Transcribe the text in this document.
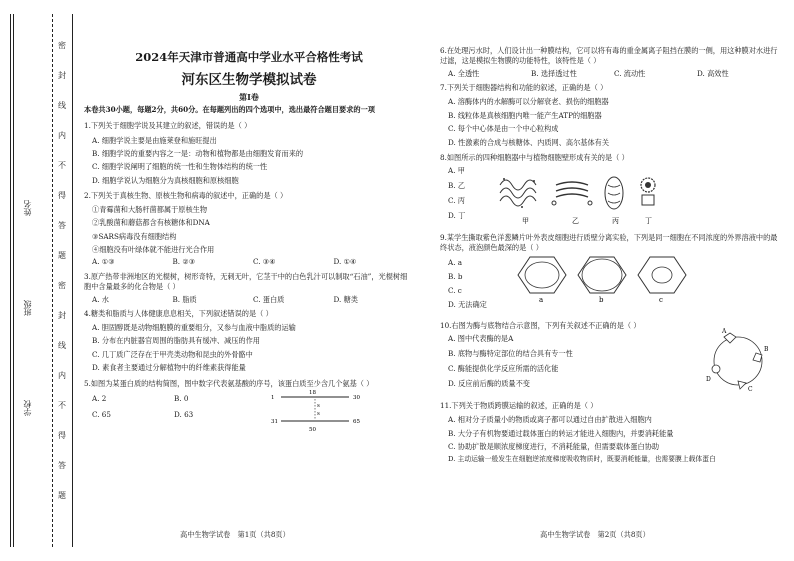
姓名
班级
学校
密
封
线
内
不
得
答
题
密
封
线
内
不
得
答
题
2024年天津市普通高中学业水平合格性考试
河东区生物学模拟试卷
第Ⅰ卷
本卷共30小题，每题2分，共60分。在每题列出的四个选项中，选出最符合题目要求的一项
1.下列关于细胞学说及其建立的叙述，错误的是（ ）
A. 细胞学说主要是由施莱登和施旺提出
B. 细胞学说的重要内容之一是：动物和植物都是由细胞发育而来的
C. 细胞学说阐明了细胞的统一性和生物体结构的统一性
D. 细胞学说认为细胞分为真核细胞和原核细胞
2.下列关于真核生物、原核生物和病毒的叙述中，正确的是（ ）
①青霉菌和大肠杆菌都属于原核生物
②乳酸菌和蘑菇都含有核糖体和DNA
③SARS病毒没有细胞结构
④细胞没有叶绿体就不能进行光合作用
A. ①③	B. ②③	C. ③④	D. ①④
3.原产热带非洲地区的光棍树，树形奇特，无刺无叶，它茎干中的白色乳汁可以制取“石油”，光棍树细胞中含量最多的化合物是（ ）
A. 水	B. 脂质	C. 蛋白质	D. 糖类
4.糖类和脂质与人体健康息息相关，下列叙述错误的是（ ）
A. 胆固醇既是动物细胞膜的重要组分，又参与血液中脂质的运输
B. 分布在内脏器官周围的脂肪具有缓冲、减压的作用
C. 几丁质广泛存在于甲壳类动物和昆虫的外骨骼中
D. 素食者主要通过分解植物中的纤维素获得能量
5.如图为某蛋白质的结构简图，图中数字代表氨基酸的序号，该蛋白质至少含几个氨基（ ）
A. 2	B. 0
C. 65	D. 63
1
18
30
31
50
65
s
s
6.在处理污水时，人们设计出一种膜结构，它可以将有毒的重金属离子阻挡在膜的一侧，用这种膜对水进行过滤，这是模拟生物膜的功能特性，该特性是（ ）
A. 全透性	B. 选择透过性	C. 流动性	D. 高效性
7.下列关于细胞器结构和功能的叙述，正确的是（ ）
A. 溶酶体内的水解酶可以分解衰老、损伤的细胞器
B. 线粒体是真核细胞内唯一能产生ATP的细胞器
C. 每个中心体是由一个中心粒构成
D. 性激素的合成与核糖体、内质网、高尔基体有关
8.如图所示的四种细胞器中与植物细胞壁形成有关的是（ ）
A. 甲
B. 乙
C. 丙
D. 丁
甲	乙	丙	丁
9.某学生撕取紫色洋葱鳞片叶外表皮细胞进行质壁分离实验，下列是同一细胞在不同浓度的外界溶液中的最终状态，液泡颜色最深的是（ ）
A. a
B. b
C. c
D. 无法确定	a	b	c
10.右图为酶与底物结合示意图，下列有关叙述不正确的是（ ）
A. 图中代表酶的是A
B. 底物与酶特定部位的结合具有专一性
C. 酶能提供化学反应所需的活化能
D. 反应前后酶的质量不变
A
B
C
D
11.下列关于物质跨膜运输的叙述，正确的是（ ）
A. 相对分子质量小的物质或离子都可以通过自由扩散进入细胞内
B. 大分子有机物要通过载体蛋白的转运才能进入细胞内，并要消耗能量
C. 协助扩散是顺浓度梯度进行，不消耗能量，但需要载体蛋白协助
D. 主动运输一般发生在细胞逆浓度梯度吸收物质时，既要消耗能量，也需要膜上载体蛋白
高中生物学试卷　第1页（共8页）	高中生物学试卷　第2页（共8页）
